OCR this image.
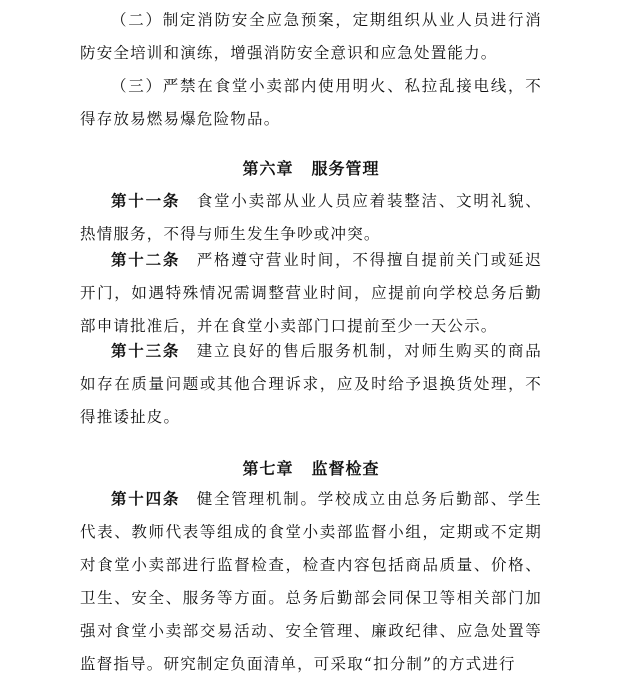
（二）制定消防安全应急预案，定期组织从业人员进行消防安全培训和演练，增强消防安全意识和应急处置能力。

（三）严禁在食堂小卖部内使用明火、私拉乱接电线，不得存放易燃易爆危险物品。

第六章 服务管理

第十一条 食堂小卖部从业人员应着装整洁、文明礼貌、热情服务，不得与师生发生争吵或冲突。

第十二条 严格遵守营业时间，不得擅自提前关门或延迟开门，如遇特殊情况需调整营业时间，应提前向学校总务后勤部申请批准后，并在食堂小卖部门口提前至少一天公示。

第十三条 建立良好的售后服务机制，对师生购买的商品如存在质量问题或其他合理诉求，应及时给予退换货处理，不得推诿扯皮。

第七章 监督检查

第十四条 健全管理机制。学校成立由总务后勤部、学生代表、教师代表等组成的食堂小卖部监督小组，定期或不定期对食堂小卖部进行监督检查，检查内容包括商品质量、价格、卫生、安全、服务等方面。总务后勤部会同保卫等相关部门加强对食堂小卖部交易活动、安全管理、廉政纪律、应急处置等监督指导。研究制定负面清单，可采取“扣分制”的方式进行
